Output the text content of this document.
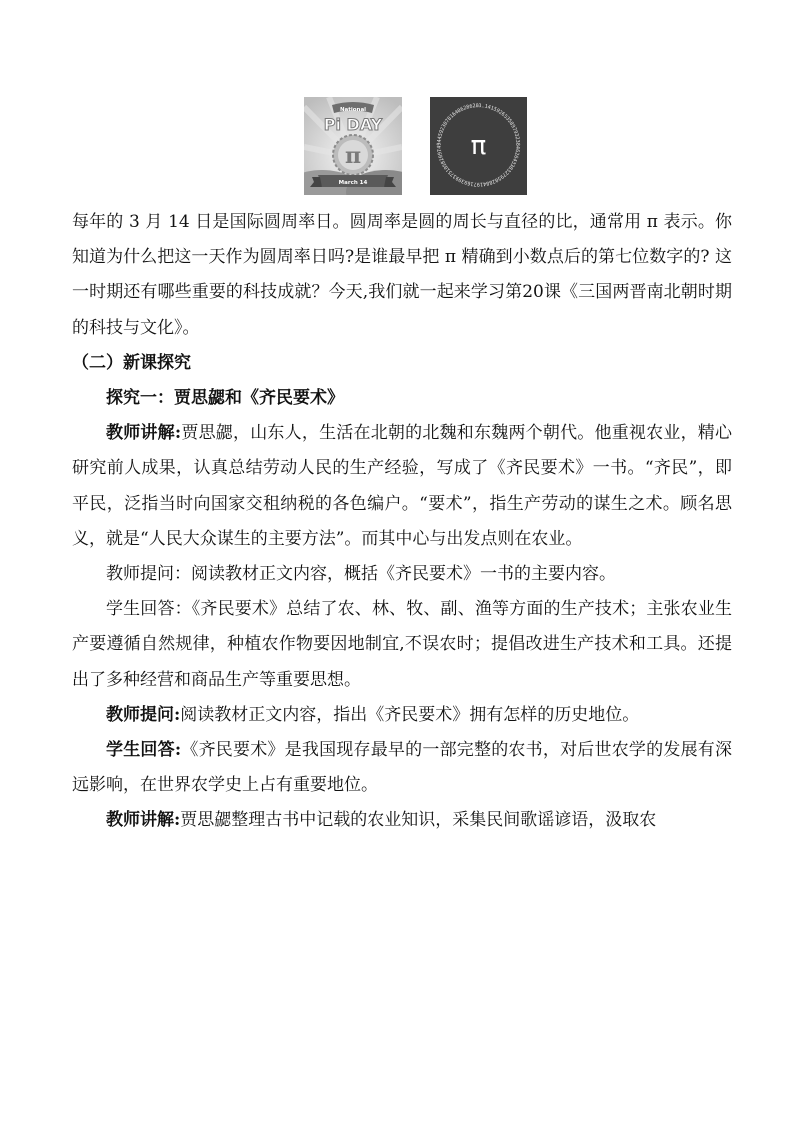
National
Pi DAY
π
March 14
3.14159265358979323846264338327950288419716939937510582097494459230781640628620
π

每年的 3 月 14 日是国际圆周率日。圆周率是圆的周长与直径的比，通常用 π 表示。你知道为什么把这一天作为圆周率日吗?是谁最早把 π 精确到小数点后的第七位数字的? 这一时期还有哪些重要的科技成就？今天,我们就一起来学习第20课《三国两晋南北朝时期的科技与文化》。

（二）新课探究

探究一：贾思勰和《齐民要术》

教师讲解:贾思勰，山东人，生活在北朝的北魏和东魏两个朝代。他重视农业，精心研究前人成果，认真总结劳动人民的生产经验，写成了《齐民要术》一书。“齐民”，即平民，泛指当时向国家交租纳税的各色编户。“要术”，指生产劳动的谋生之术。顾名思义，就是“人民大众谋生的主要方法”。而其中心与出发点则在农业。

教师提问：阅读教材正文内容，概括《齐民要术》一书的主要内容。

学生回答：《齐民要术》总结了农、林、牧、副、渔等方面的生产技术；主张农业生产要遵循自然规律，种植农作物要因地制宜,不误农时；提倡改进生产技术和工具。还提出了多种经营和商品生产等重要思想。

教师提问:阅读教材正文内容，指出《齐民要术》拥有怎样的历史地位。

学生回答:《齐民要术》是我国现存最早的一部完整的农书，对后世农学的发展有深远影响，在世界农学史上占有重要地位。

教师讲解:贾思勰整理古书中记载的农业知识，采集民间歌谣谚语，汲取农
